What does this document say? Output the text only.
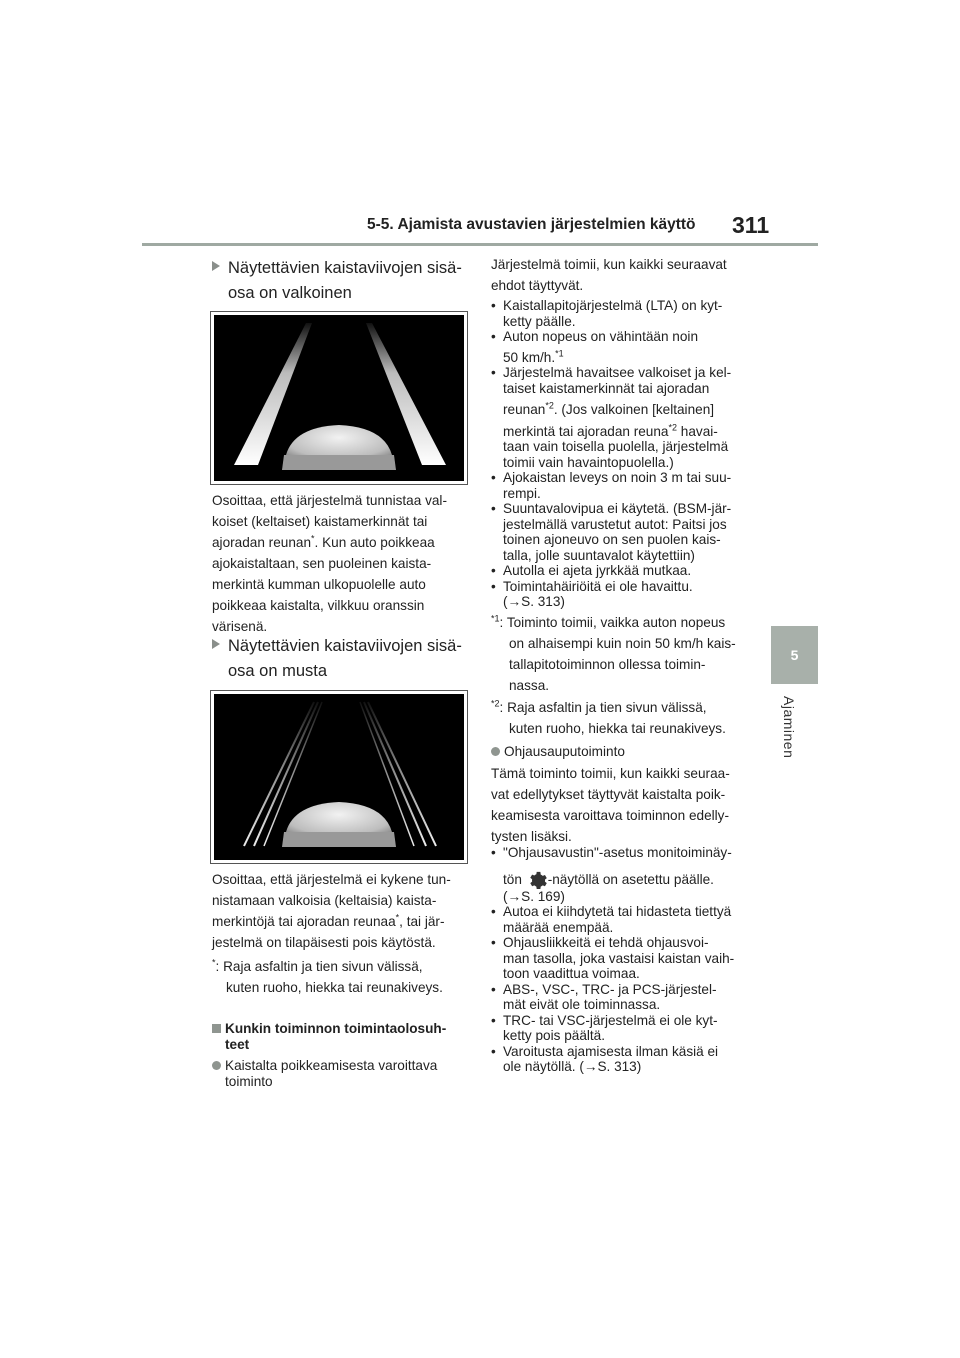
5-5. Ajamista avustavien järjestelmien käyttö 311
5
Ajaminen
Näytettävien kaistaviivojen sisä-
osa on valkoinen
Osoittaa, että järjestelmä tunnistaa val-
koiset (keltaiset) kaistamerkinnät tai
ajoradan reunan*. Kun auto poikkeaa
ajokaistaltaan, sen puoleinen kaista-
merkintä kumman ulkopuolelle auto
poikkeaa kaistalta, vilkkuu oranssin
värisenä.
Näytettävien kaistaviivojen sisä-
osa on musta
Osoittaa, että järjestelmä ei kykene tun-
nistamaan valkoisia (keltaisia) kaista-
merkintöjä tai ajoradan reunaa*, tai jär-
jestelmä on tilapäisesti pois käytöstä.
*: Raja asfaltin ja tien sivun välissä,
kuten ruoho, hiekka tai reunakiveys.
Kunkin toiminnon toimintaolosuh-
teet
Kaistalta poikkeamisesta varoittava
toiminto
Järjestelmä toimii, kun kaikki seuraavat
ehdot täyttyvät.
• Kaistallapitojärjestelmä (LTA) on kyt-
ketty päälle.
• Auton nopeus on vähintään noin
50 km/h.$^{*1}$
• Järjestelmä havaitsee valkoiset ja kel-
taiset kaistamerkinnät tai ajoradan
reunan$^{*2}$. (Jos valkoinen [keltainen]
merkintä tai ajoradan reuna$^{*2}$ havai-
taan vain toisella puolella, järjestelmä
toimii vain havaintopuolella.)
• Ajokaistan leveys on noin 3 m tai suu-
rempi.
• Suuntavalovipua ei käytetä. (BSM-jär-
jestelmällä varustetut autot: Paitsi jos
toinen ajoneuvo on sen puolen kais-
talla, jolle suuntavalot käytettiin)
• Autolla ei ajeta jyrkkää mutkaa.
• Toimintahäiriöitä ei ole havaittu.
(→S. 313)
$^{*1}$: Toiminto toimii, vaikka auton nopeus
on alhaisempi kuin noin 50 km/h kais-
tallapitotoiminnon ollessa toimin-
nassa.
$^{*2}$: Raja asfaltin ja tien sivun välissä,
kuten ruoho, hiekka tai reunakiveys.
Ohjausauputoiminto
Tämä toiminto toimii, kun kaikki seuraa-
vat edellytykset täyttyvät kaistalta poik-
keamisesta varoittava toiminnon edelly-
tysten lisäksi.
• "Ohjausavustin"-asetus monitoiminäy-
tön -näytöllä on asetettu päälle.
(→S. 169)
• Autoa ei kiihdytetä tai hidasteta tiettyä
määrää enempää.
• Ohjausliikkeitä ei tehdä ohjausvoi-
man tasolla, joka vastaisi kaistan vaih-
toon vaadittua voimaa.
• ABS-, VSC-, TRC- ja PCS-järjestel-
mät eivät ole toiminnassa.
• TRC- tai VSC-järjestelmä ei ole kyt-
ketty pois päältä.
• Varoitusta ajamisesta ilman käsiä ei
ole näytöllä. (→S. 313)
